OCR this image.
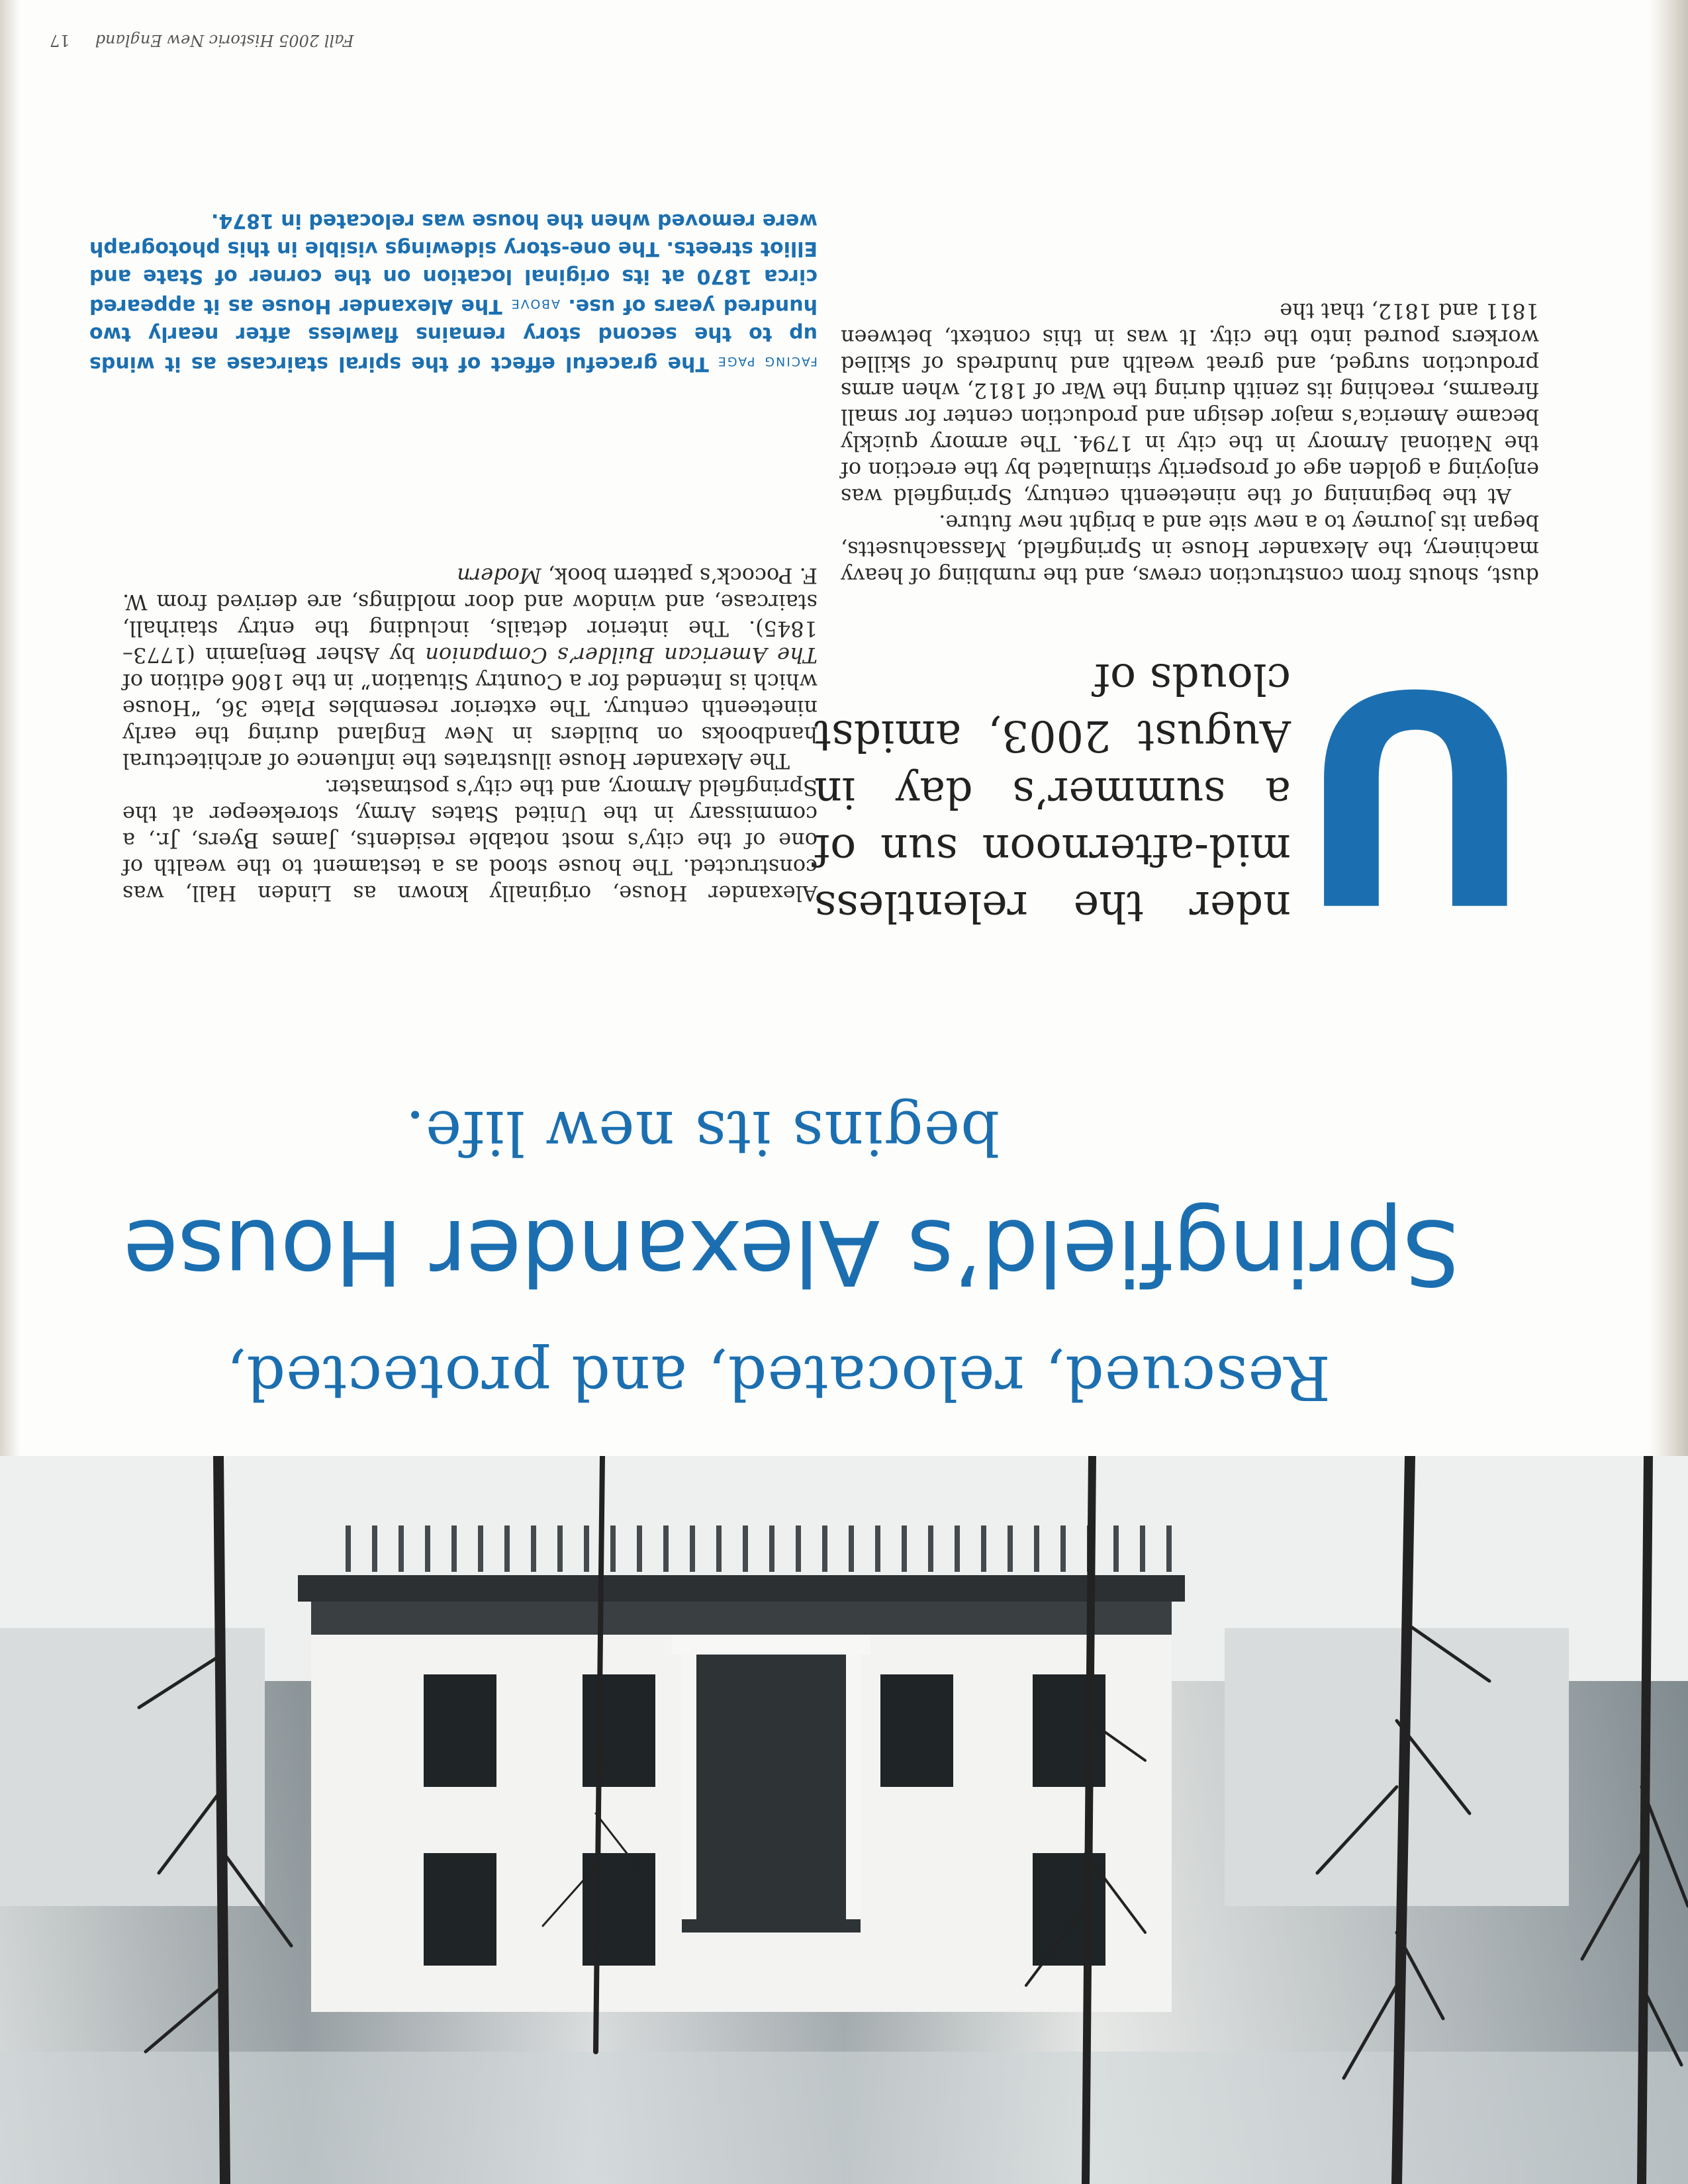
Rescued, relocated, and protected,
Springfield’s Alexander House
begins its new life.
U
nder the relentless mid-afternoon sun of a summer’s day in August 2003, amidst clouds of

dust, shouts from construction crews, and the rumbling of heavy machinery, the Alexander House in Springfield, Massachusetts, began its journey to a new site and a bright new future.

At the beginning of the nineteenth century, Springfield was enjoying a golden age of prosperity stimulated by the erection of the National Armory in the city in 1794. The armory quickly became America’s major design and production center for small firearms, reaching its zenith during the War of 1812, when arms production surged, and great wealth and hundreds of skilled workers poured into the city. It was in this context, between 1811 and 1812, that the

Alexander House, originally known as Linden Hall, was constructed. The house stood as a testament to the wealth of one of the city’s most notable residents, James Byers, Jr., a commissary in the United States Army, storekeeper at the Springfield Armory, and the city’s postmaster.

The Alexander House illustrates the influence of architectural handbooks on builders in New England during the early nineteenth century. The exterior resembles Plate 36, “House which is Intended for a Country Situation” in the 1806 edition of The American Builder’s Companion by Asher Benjamin (1773–1845). The interior details, including the entry stairhall, staircase, and window and door moldings, are derived from W. F. Pocock’s pattern book, Modern

FACING PAGEThe graceful effect of the spiral staircase as it winds up to the second story remains flawless after nearly two hundred years of use. ABOVEThe Alexander House as it appeared circa 1870 at its original location on the corner of State and Elliot streets. The one-story sidewings visible in this photograph were removed when the house was relocated in 1874.
Fall 2005 Historic New England     17
